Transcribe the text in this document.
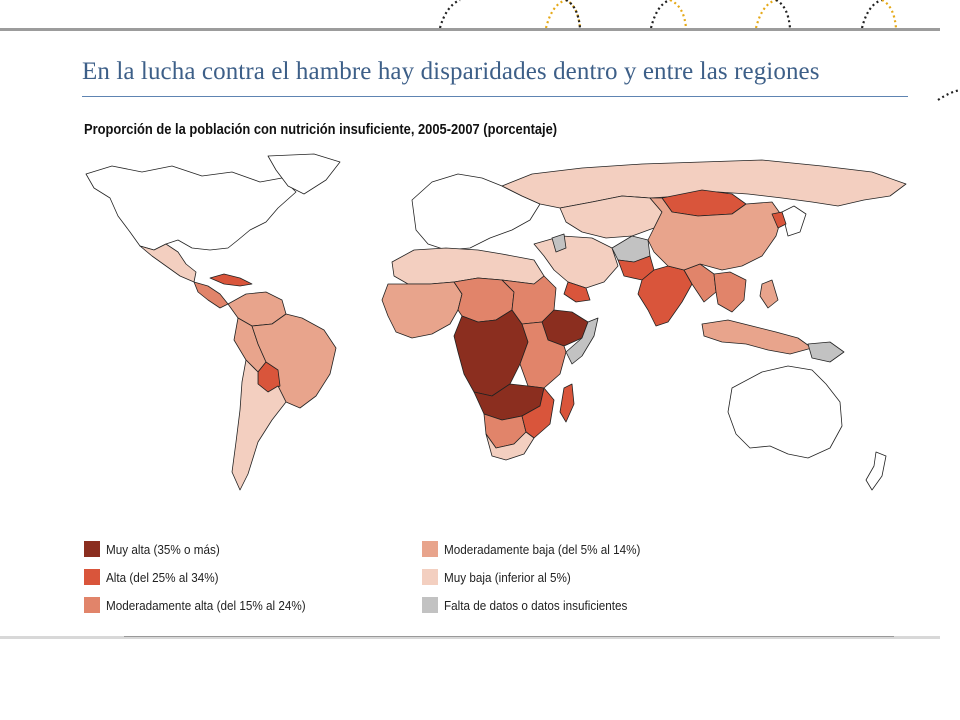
En la lucha contra el hambre hay disparidades dentro y entre las regiones
Proporción de la población con nutrición insuficiente, 2005-2007 (porcentaje)
Muy alta (35% o más)
Alta (del 25% al 34%)
Moderadamente alta (del 15% al 24%)
Moderadamente baja (del 5% al 14%)
Muy baja (inferior al 5%)
Falta de datos o datos insuficientes
